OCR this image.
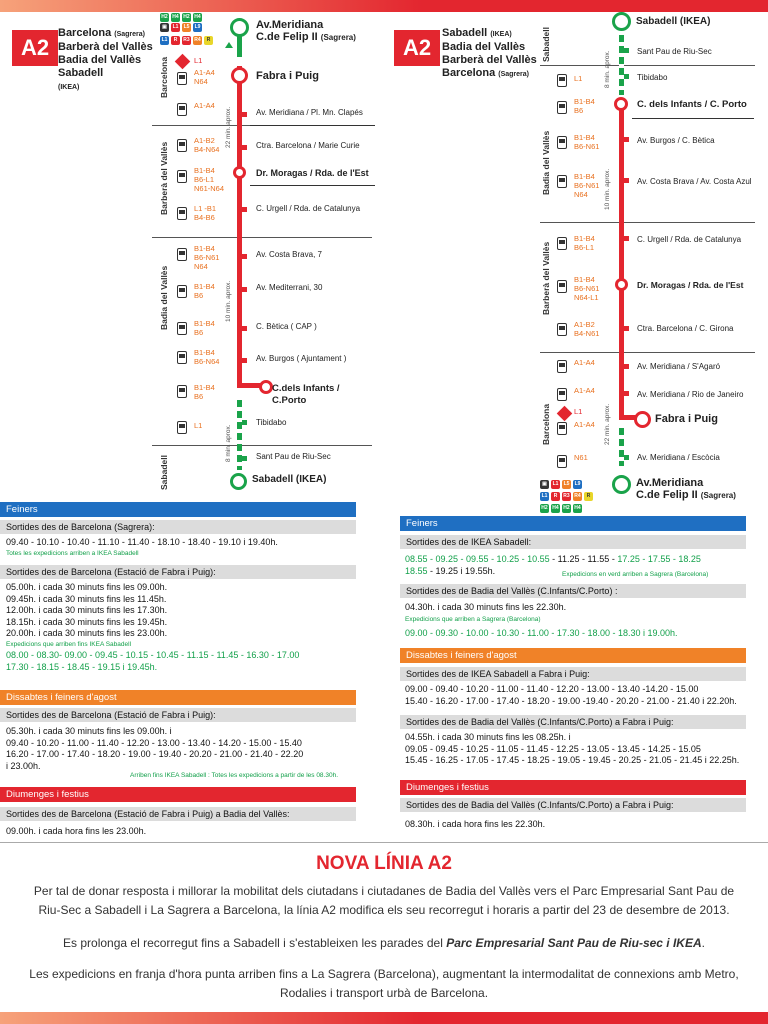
A2
Barcelona (Sagrera)
Barberà del Vallès
Badia del Vallès
Sabadell
(IKEA)
H2 H4 H2 H4
▣	L1	L5	L9
L1	R	R3 R4	R
Barcelona
Barberà del Vallès
Badia del Vallès
Sabadell
22 min. aprox.
10 min. aprox.
8 min. aprox.
Av.Meridiana
C.de Felip II (Sagrera)
Fabra i Puig
Av. Meridiana / Pl. Mn. Clapés
Ctra. Barcelona / Marie Curie
Dr. Moragas / Rda. de l'Est
C. Urgell / Rda. de Catalunya
Av. Costa Brava, 7
Av. Mediterrani, 30
C. Bètica ( CAP )
Av. Burgos ( Ajuntament )
C.dels Infants /
C.Porto
Tibidabo
Sant Pau de Riu-Sec
Sabadell (IKEA)
L1
A1-A4
N64
A1-A4
A1-B2
B4-N64
B1-B4
B6-L1
N61-N64
L1 -B1
B4-B6
B1-B4
B6-N61
N64
B1-B4
B6
B1-B4
B6
B1-B4
B6-N64
B1-B4
B6
L1
A2
Sabadell (IKEA)
Badia del Vallès
Barberà del Vallès
Barcelona (Sagrera)
Sabadell
Badia del Vallès
Barberà del Vallès
Barcelona
8 min. aprox.
10 min. aprox.
22 min. aprox.
Sabadell (IKEA)
Sant Pau de Riu-Sec
Tibidabo
C. dels Infants / C. Porto
Av. Burgos / C. Bètica
Av. Costa Brava / Av. Costa Azul
C. Urgell / Rda. de Catalunya
Dr. Moragas / Rda. de l'Est
Ctra. Barcelona / C. Girona
Av. Meridiana / S'Agaró
Av. Meridiana / Rio de Janeiro
Fabra i Puig
Av. Meridiana / Escòcia
Av.Meridiana
C.de Felip II (Sagrera)
L1
B1-B4
B6
B1-B4
B6-N61
B1-B4
B6-N61
N64
B1-B4
B6-L1
B1-B4
B6-N61
N64-L1
A1-B2
B4-N61
A1-A4
A1-A4
L1
A1-A4
N61
▣	L1	L5	L9
L1	R	R3 R4	R
H2 H4 H2 H4
Feiners
Sortides des de Barcelona (Sagrera):
09.40 - 10.10 - 10.40 - 11.10 - 11.40 - 18.10 - 18.40 - 19.10 i 19.40h.
Totes les expedicions arriben a IKEA Sabadell
Sortides des de Barcelona (Estació de Fabra i Puig):
05.00h. i cada 30 minuts fins les 09.00h.
09.45h. i cada 30 minuts fins les 11.45h.
12.00h. i cada 30 minuts fins les 17.30h.
18.15h. i cada 30 minuts fins les 19.45h.
20.00h. i cada 30 minuts fins les 23.00h.
Expedicions que arriben fins IKEA Sabadell
08.00 - 08.30- 09.00 - 09.45 - 10.15 - 10.45 - 11.15 - 11.45 - 16.30 - 17.00
17.30 - 18.15 - 18.45 - 19.15 i 19.45h.
Dissabtes i feiners d'agost
Sortides des de Barcelona (Estació de Fabra i Puig):
05.30h. i cada 30 minuts fins les 09.00h. i
09.40 - 10.20 - 11.00 - 11.40 - 12.20 - 13.00 - 13.40 - 14.20 - 15.00 - 15.40
16.20 - 17.00 - 17.40 - 18.20 - 19.00 - 19.40 - 20.20 - 21.00 - 21.40 - 22.20
i 23.00h.
Arriben fins IKEA Sabadell : Totes les expedicions a partir de les 08.30h.
Diumenges i festius
Sortides des de Barcelona (Estació de Fabra i Puig) a Badia del Vallès:
09.00h. i cada hora fins les 23.00h.
Feiners
Sortides des de IKEA Sabadell:
08.55 - 09.25 - 09.55 - 10.25 - 10.55 - 11.25 - 11.55 - 17.25 - 17.55 - 18.25
18.55 - 19.25 i 19.55h.	Expedicions en verd arriben a Sagrera (Barcelona)
Sortides des de Badia del Vallès (C.Infants/C.Porto) :
04.30h. i cada 30 minuts fins les 22.30h.
Expedicions que arriben a Sagrera (Barcelona)
09.00 - 09.30 - 10.00 - 10.30 - 11.00 - 17.30 - 18.00 - 18.30 i 19.00h.
Dissabtes i feiners d'agost
Sortides des de IKEA Sabadell a Fabra i Puig:
09.00 - 09.40 - 10.20 - 11.00 - 11.40 - 12.20 - 13.00 - 13.40 -14.20 - 15.00
15.40 - 16.20 - 17.00 - 17.40 - 18.20 - 19.00 -19.40 - 20.20 - 21.00 - 21.40 i 22.20h.
Sortides des de Badia del Vallès (C.Infants/C.Porto) a Fabra i Puig:
04.55h. i cada 30 minuts fins les 08.25h. i
09.05 - 09.45 - 10.25 - 11.05 - 11.45 - 12.25 - 13.05 - 13.45 - 14.25 - 15.05
15.45 - 16.25 - 17.05 - 17.45 - 18.25 - 19.05 - 19.45 - 20.25 - 21.05 - 21.45 i 22.25h.
Diumenges i festius
Sortides des de Badia del Vallès (C.Infants/C.Porto) a Fabra i Puig:
08.30h. i cada hora fins les 22.30h.
NOVA LÍNIA A2
Per tal de donar resposta i millorar la mobilitat dels ciutadans i ciutadanes de Badia del Vallès vers el Parc Empresarial Sant Pau de Riu-Sec a Sabadell i La Sagrera a Barcelona, la línia A2 modifica els seu recorregut i horaris a partir del 23 de desembre de 2013.
Es prolonga el recorregut fins a Sabadell i s'estableixen les parades del Parc Empresarial Sant Pau de Riu-sec i IKEA.
Les expedicions en franja d'hora punta arriben fins a La Sagrera (Barcelona), augmentant la intermodalitat de connexions amb Metro, Rodalies i transport urbà de Barcelona.
